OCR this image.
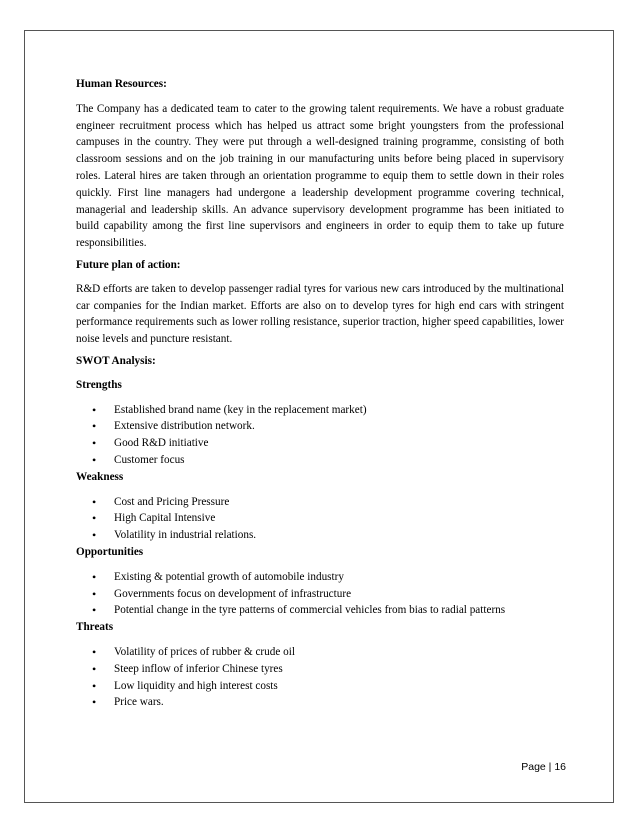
Human Resources:

The Company has a dedicated team to cater to the growing talent requirements. We have a robust graduate engineer recruitment process which has helped us attract some bright youngsters from the professional campuses in the country. They were put through a well-designed training programme, consisting of both classroom sessions and on the job training in our manufacturing units before being placed in supervisory roles. Lateral hires are taken through an orientation programme to equip them to settle down in their roles quickly. First line managers had undergone a leadership development programme covering technical, managerial and leadership skills. An advance supervisory development programme has been initiated to build capability among the first line supervisors and engineers in order to equip them to take up future responsibilities.

Future plan of action:

R&D efforts are taken to develop passenger radial tyres for various new cars introduced by the multinational car companies for the Indian market. Efforts are also on to develop tyres for high end cars with stringent performance requirements such as lower rolling resistance, superior traction, higher speed capabilities, lower noise levels and puncture resistant.

SWOT Analysis:

Strengths

• Established brand name (key in the replacement market)
• Extensive distribution network.
• Good R&D initiative
• Customer focus

Weakness

• Cost and Pricing Pressure
• High Capital Intensive
• Volatility in industrial relations.

Opportunities

• Existing & potential growth of automobile industry
• Governments focus on development of infrastructure
• Potential change in the tyre patterns of commercial vehicles from bias to radial patterns

Threats

• Volatility of prices of rubber & crude oil
• Steep inflow of inferior Chinese tyres
• Low liquidity and high interest costs
• Price wars.
Page | 16
